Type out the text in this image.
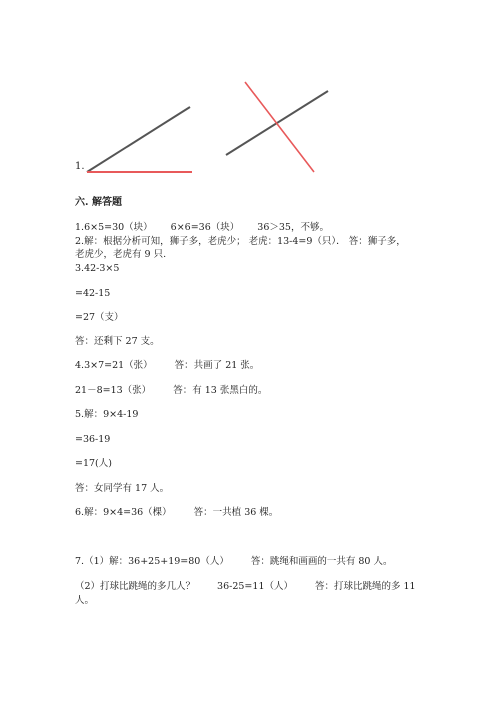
1.
六. 解答题
1.6×5=30（块） 6×6=36（块） 36＞35，不够。
2.解：根据分析可知，狮子多，老虎少； 老虎：13-4=9（只）． 答：狮子多，
老虎少，老虎有 9 只.
3.42-3×5
=42-15
=27（支）
答：还剩下 27 支。
4.3×7=21（张） 答：共画了 21 张。
21－8=13（张） 答：有 13 张黑白的。
5.解：9×4-19
=36-19
=17(人)
答：女同学有 17 人。
6.解：9×4=36（棵） 答：一共植 36 棵。
7.（1）解：36+25+19=80（人） 答：跳绳和画画的一共有 80 人。
（2）打球比跳绳的多几人？ 36-25=11（人） 答：打球比跳绳的多 11
人。
